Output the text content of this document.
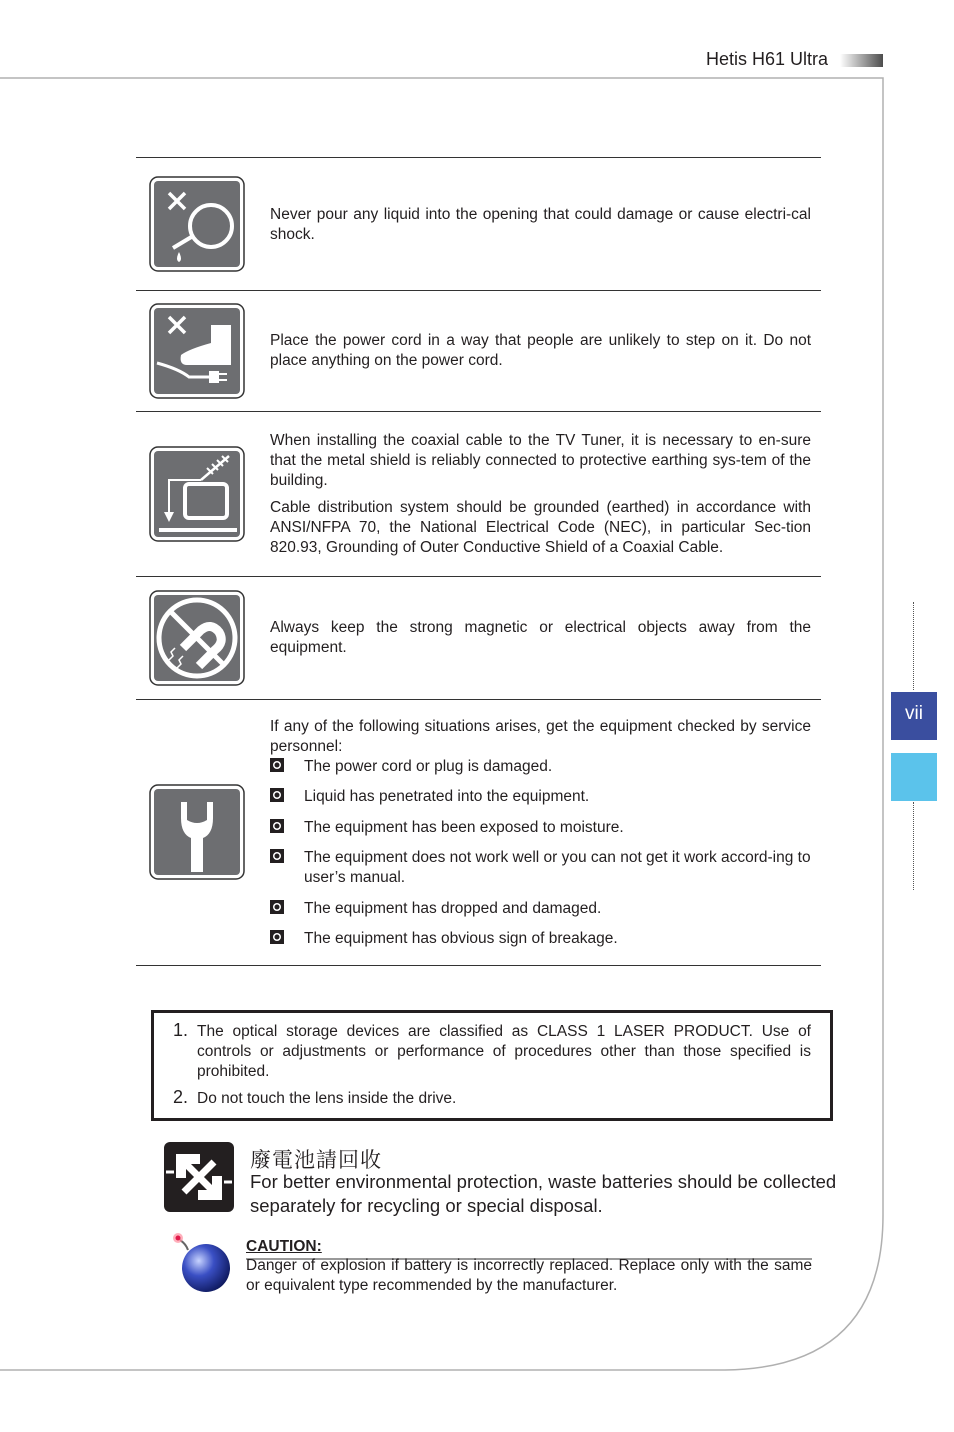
Hetis H61 Ultra
vii
Never pour any liquid into the opening that could damage or cause electri-cal shock.
Place the power cord in a way that people are unlikely to step on it. Do not place anything on the power cord.

When installing the coaxial cable to the TV Tuner, it is necessary to en-sure that the metal shield is reliably connected to protective earthing sys-tem of the building.

Cable distribution system should be grounded (earthed) in accordance with ANSI/NFPA 70, the National Electrical Code (NEC), in particular Sec-tion 820.93, Grounding of Outer Conductive Shield of a Coaxial Cable.

Always keep the strong magnetic or electrical objects away from the equipment.
If any of the following situations arises, get the equipment checked by service personnel:
The power cord or plug is damaged.
Liquid has penetrated into the equipment.
The equipment has been exposed to moisture.
The equipment does not work well or you can not get it work accord-ing to user’s manual.
The equipment has dropped and damaged.
The equipment has obvious sign of breakage.
1. The optical storage devices are classified as CLASS 1 LASER PRODUCT. Use of controls or adjustments or performance of procedures other than those specified is prohibited.
2. Do not touch the lens inside the drive.
廢電池請回收
For better environmental protection, waste batteries should be collected
separately for recycling or special disposal.
CAUTION:
Danger of explosion if battery is incorrectly replaced. Replace only with the same or equivalent type recommended by the manufacturer.
